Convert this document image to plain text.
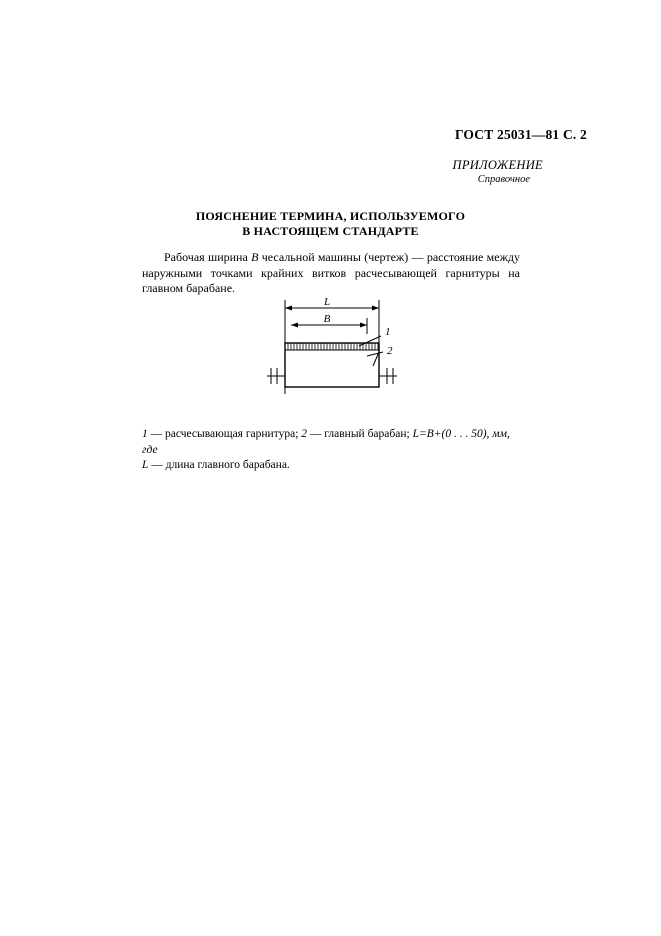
ГОСТ 25031—81 С. 2
ПРИЛОЖЕНИЕ
Справочное
ПОЯСНЕНИЕ ТЕРМИНА, ИСПОЛЬЗУЕМОГО
В НАСТОЯЩЕМ СТАНДАРТЕ
Рабочая ширина B чесальной машины (чертеж) — расстояние между наружными точками крайних витков расчесывающей гарнитуры на главном барабане.
L
B
1
2
1 — расчесывающая гарнитура; 2 — главный барабан; L=B+(0 . . . 50), мм, где
L — длина главного барабана.
